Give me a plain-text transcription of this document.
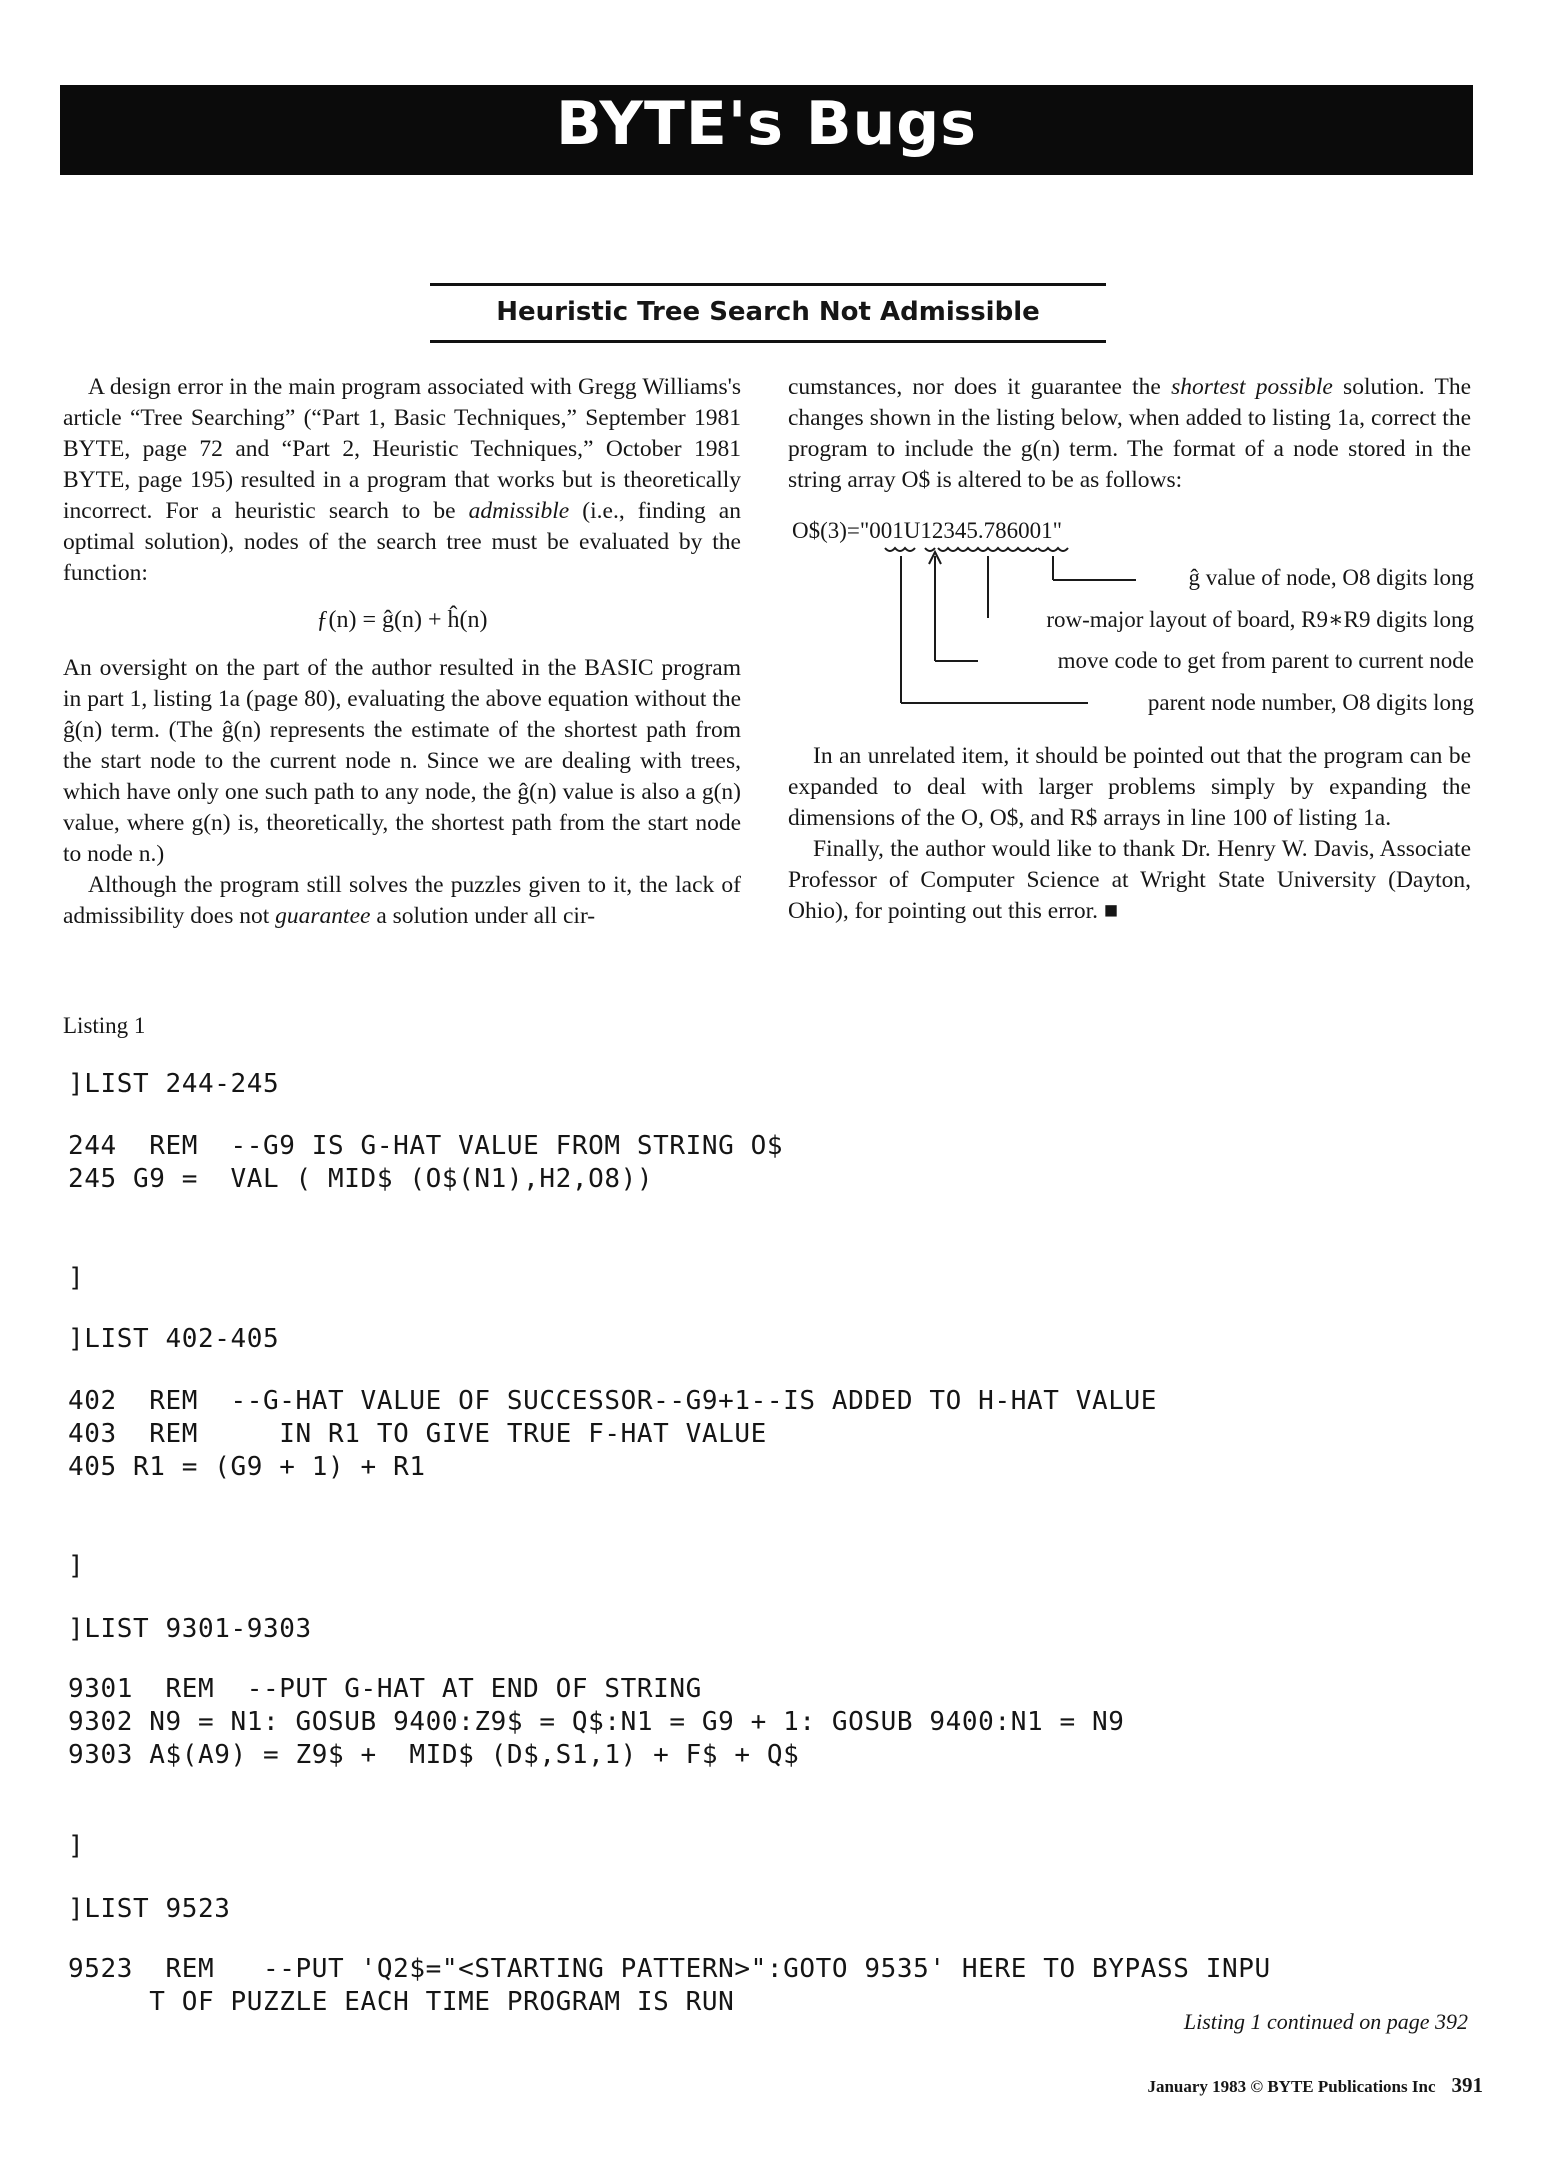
BYTE's Bugs
Heuristic Tree Search Not Admissible

A design error in the main program associated with Gregg Williams's article “Tree Searching” (“Part 1, Basic Techniques,” September 1981 BYTE, page 72 and “Part 2, Heuristic Techniques,” October 1981 BYTE, page 195) resulted in a program that works but is theoretically incorrect. For a heuristic search to be admissible (i.e., finding an optimal solution), nodes of the search tree must be evaluated by the function:

ƒ(n) = ĝ(n) + ĥ(n)

An oversight on the part of the author resulted in the BASIC program in part 1, listing 1a (page 80), evaluating the above equation without the ĝ(n) term. (The ĝ(n) represents the estimate of the shortest path from the start node to the current node n. Since we are dealing with trees, which have only one such path to any node, the ĝ(n) value is also a g(n) value, where g(n) is, theoretically, the shortest path from the start node to node n.)

Although the program still solves the puzzles given to it, the lack of admissibility does not guarantee a solution under all cir-

cumstances, nor does it guarantee the shortest possible solution. The changes shown in the listing below, when added to listing 1a, correct the program to include the g(n) term. The format of a node stored in the string array O$ is altered to be as follows:

O$(3)="001U12345.786001"
ĝ value of node, O8 digits long
row-major layout of board, R9∗R9 digits long
move code to get from parent to current node
parent node number, O8 digits long

In an unrelated item, it should be pointed out that the program can be expanded to deal with larger problems simply by expanding the dimensions of the O, O$, and R$ arrays in line 100 of listing 1a.

Finally, the author would like to thank Dr. Henry W. Davis, Associate Professor of Computer Science at Wright State University (Dayton, Ohio), for pointing out this error. ■

Listing 1
]LIST 244-245
244  REM  --G9 IS G-HAT VALUE FROM STRING O$
245 G9 =  VAL ( MID$ (O$(N1),H2,O8))
]
]LIST 402-405
402  REM  --G-HAT VALUE OF SUCCESSOR--G9+1--IS ADDED TO H-HAT VALUE
403  REM     IN R1 TO GIVE TRUE F-HAT VALUE
405 R1 = (G9 + 1) + R1
]
]LIST 9301-9303
9301  REM  --PUT G-HAT AT END OF STRING
9302 N9 = N1: GOSUB 9400:Z9$ = Q$:N1 = G9 + 1: GOSUB 9400:N1 = N9
9303 A$(A9) = Z9$ +  MID$ (D$,S1,1) + F$ + Q$
]
]LIST 9523
9523  REM   --PUT 'Q2$="<STARTING PATTERN>":GOTO 9535' HERE TO BYPASS INPU
T OF PUZZLE EACH TIME PROGRAM IS RUN
Listing 1 continued on page 392
January 1983 © BYTE Publications Inc 391
